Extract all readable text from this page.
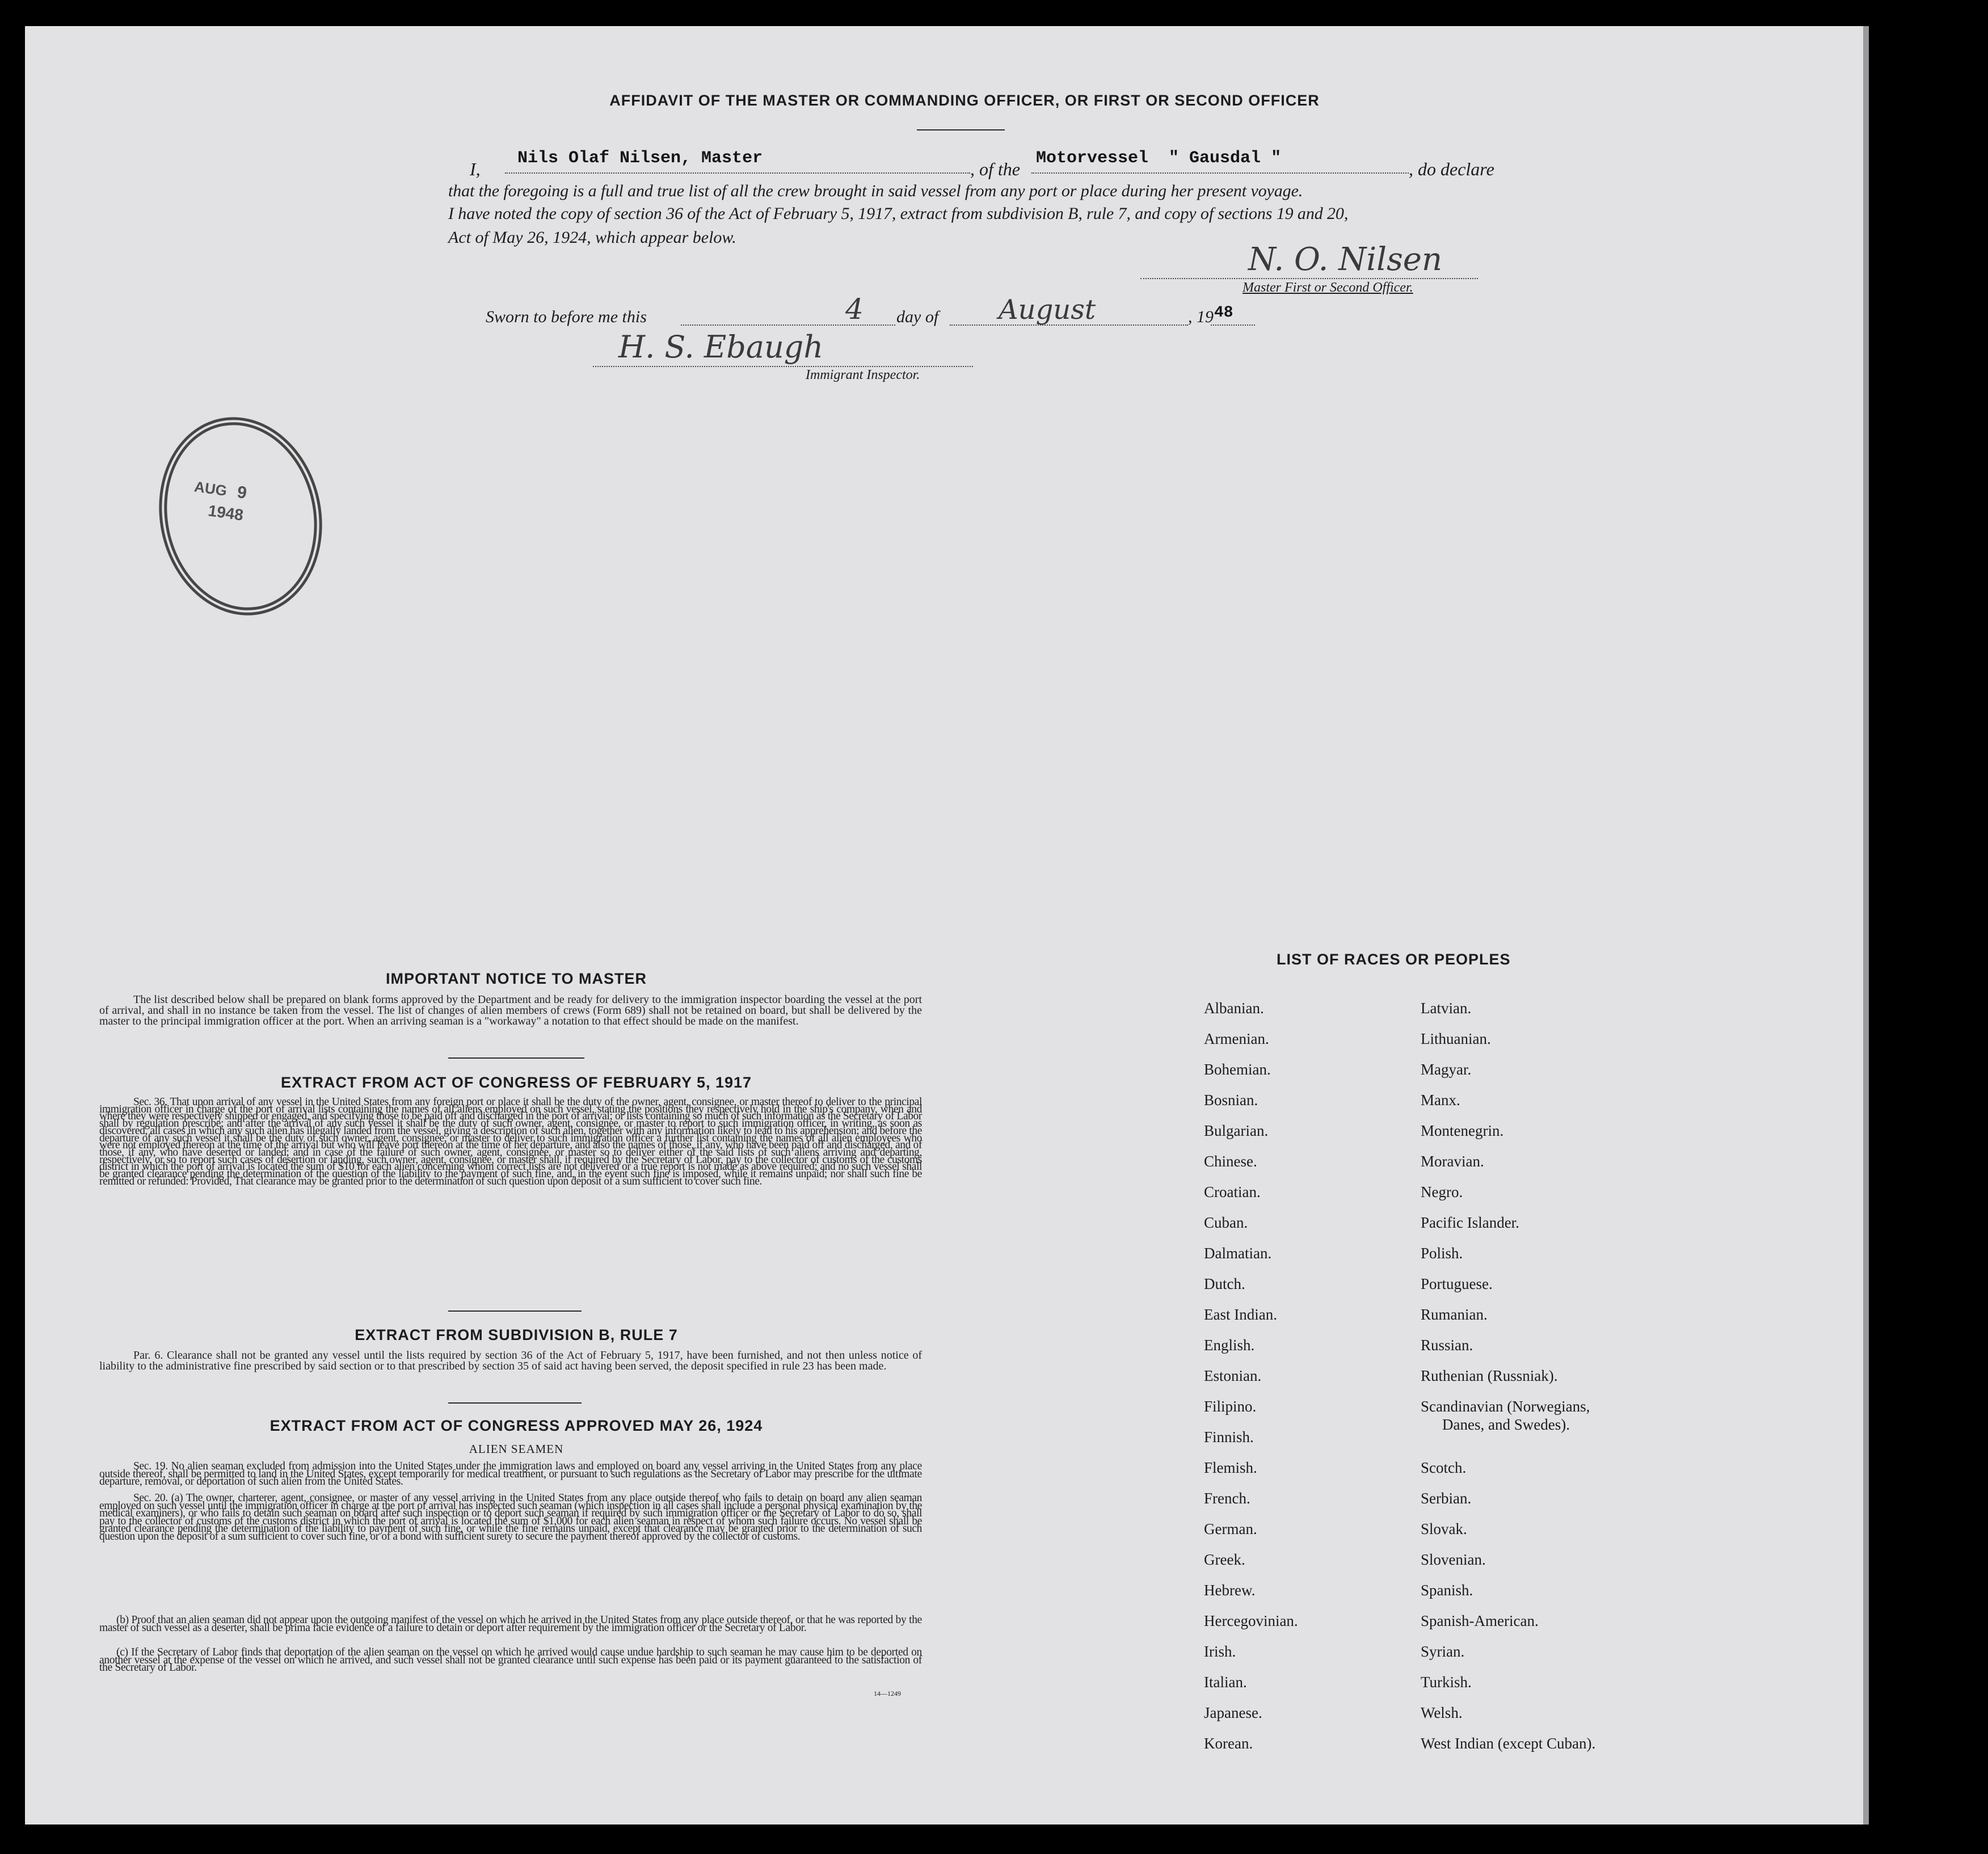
AFFIDAVIT OF THE MASTER OR COMMANDING OFFICER, OR FIRST OR SECOND OFFICER
I,
Nils Olaf Nilsen, Master
, of the
Motorvessel  " Gausdal "
, do declare
that the foregoing is a full and true list of all the crew brought in said vessel from any port or place during her present voyage.
I have noted the copy of section 36 of the Act of February 5, 1917, extract from subdivision B, rule 7, and copy of sections 19 and 20,
Act of May 26, 1924, which appear below.
N. O. Nilsen
Master First or Second Officer.
Sworn to before me this	4 day of August	, 19 48
H. S. Ebaugh
Immigrant Inspector.
AUG 9
1948
IMPORTANT NOTICE TO MASTER
The list described below shall be prepared on blank forms approved by the Department and be ready for delivery to the immigration inspector boarding the vessel at the port of arrival, and shall in no instance be taken from the vessel. The list of changes of alien members of crews (Form 689) shall not be retained on board, but shall be delivered by the master to the principal immigration officer at the port. When an arriving seaman is a "workaway" a notation to that effect should be made on the manifest.
EXTRACT FROM ACT OF CONGRESS OF FEBRUARY 5, 1917
Sec. 36. That upon arrival of any vessel in the United States from any foreign port or place it shall be the duty of the owner, agent, consignee, or master thereof to deliver to the principal immigration officer in charge of the port of arrival lists containing the names of all aliens employed on such vessel, stating the positions they respectively hold in the ship's company, when and where they were respectively shipped or engaged, and specifying those to be paid off and discharged in the port of arrival; or lists containing so much of such information as the Secretary of Labor shall by regulation prescribe; and after the arrival of any such vessel it shall be the duty of such owner, agent, consignee, or master to report to such immigration officer, in writing, as soon as discovered, all cases in which any such alien has illegally landed from the vessel, giving a description of such alien, together with any information likely to lead to his apprehension; and before the departure of any such vessel it shall be the duty of such owner, agent, consignee, or master to deliver to such immigration officer a further list containing the names of all alien employees who were not employed thereon at the time of the arrival but who will leave port thereon at the time of her departure, and also the names of those, if any, who have been paid off and discharged, and of those, if any, who have deserted or landed; and in case of the failure of such owner, agent, consignee, or master so to deliver either of the said lists of such aliens arriving and departing, respectively, or so to report such cases of desertion or landing, such owner, agent, consignee, or master shall, if required by the Secretary of Labor, pay to the collector of customs of the customs district in which the port of arrival is located the sum of $10 for each alien concerning whom correct lists are not delivered or a true report is not made as above required; and no such vessel shall be granted clearance pending the determination of the question of the liability to the payment of such fine, and, in the event such fine is imposed, while it remains unpaid; nor shall such fine be remitted or refunded: Provided, That clearance may be granted prior to the determination of such question upon deposit of a sum sufficient to cover such fine.
EXTRACT FROM SUBDIVISION B, RULE 7
Par. 6. Clearance shall not be granted any vessel until the lists required by section 36 of the Act of February 5, 1917, have been furnished, and not then unless notice of liability to the administrative fine prescribed by said section or to that prescribed by section 35 of said act having been served, the deposit specified in rule 23 has been made.
EXTRACT FROM ACT OF CONGRESS APPROVED MAY 26, 1924
ALIEN SEAMEN
Sec. 19. No alien seaman excluded from admission into the United States under the immigration laws and employed on board any vessel arriving in the United States from any place outside thereof, shall be permitted to land in the United States, except temporarily for medical treatment, or pursuant to such regulations as the Secretary of Labor may prescribe for the ultimate departure, removal, or deportation of such alien from the United States.
Sec. 20. (a) The owner, charterer, agent, consignee, or master of any vessel arriving in the United States from any place outside thereof who fails to detain on board any alien seaman employed on such vessel until the immigration officer in charge at the port of arrival has inspected such seaman (which inspection in all cases shall include a personal physical examination by the medical examiners), or who fails to detain such seaman on board after such inspection or to deport such seaman if required by such immigration officer or the Secretary of Labor to do so, shall pay to the collector of customs of the customs district in which the port of arrival is located the sum of $1,000 for each alien seaman in respect of whom such failure occurs. No vessel shall be granted clearance pending the determination of the liability to payment of such fine, or while the fine remains unpaid, except that clearance may be granted prior to the determination of such question upon the deposit of a sum sufficient to cover such fine, or of a bond with sufficient surety to secure the payment thereof approved by the collector of customs.
(b) Proof that an alien seaman did not appear upon the outgoing manifest of the vessel on which he arrived in the United States from any place outside thereof, or that he was reported by the master of such vessel as a deserter, shall be prima facie evidence of a failure to detain or deport after requirement by the immigration officer or the Secretary of Labor.
(c) If the Secretary of Labor finds that deportation of the alien seaman on the vessel on which he arrived would cause undue hardship to such seaman he may cause him to be deported on another vessel at the expense of the vessel on which he arrived, and such vessel shall not be granted clearance until such expense has been paid or its payment guaranteed to the satisfaction of the Secretary of Labor.
14—1249
LIST OF RACES OR PEOPLES
Albanian.
Armenian.
Bohemian.
Bosnian.
Bulgarian.
Chinese.
Croatian.
Cuban.
Dalmatian.
Dutch.
East Indian.
English.
Estonian.
Filipino.
Finnish.
Flemish.
French.
German.
Greek.
Hebrew.
Hercegovinian.
Irish.
Italian.
Japanese.
Korean.
Latvian.
Lithuanian.
Magyar.
Manx.
Montenegrin.
Moravian.
Negro.
Pacific Islander.
Polish.
Portuguese.
Rumanian.
Russian.
Ruthenian (Russniak).
Scandinavian (Norwegians,
Danes, and Swedes).
Scotch.
Serbian.
Slovak.
Slovenian.
Spanish.
Spanish-American.
Syrian.
Turkish.
Welsh.
West Indian (except Cuban).
